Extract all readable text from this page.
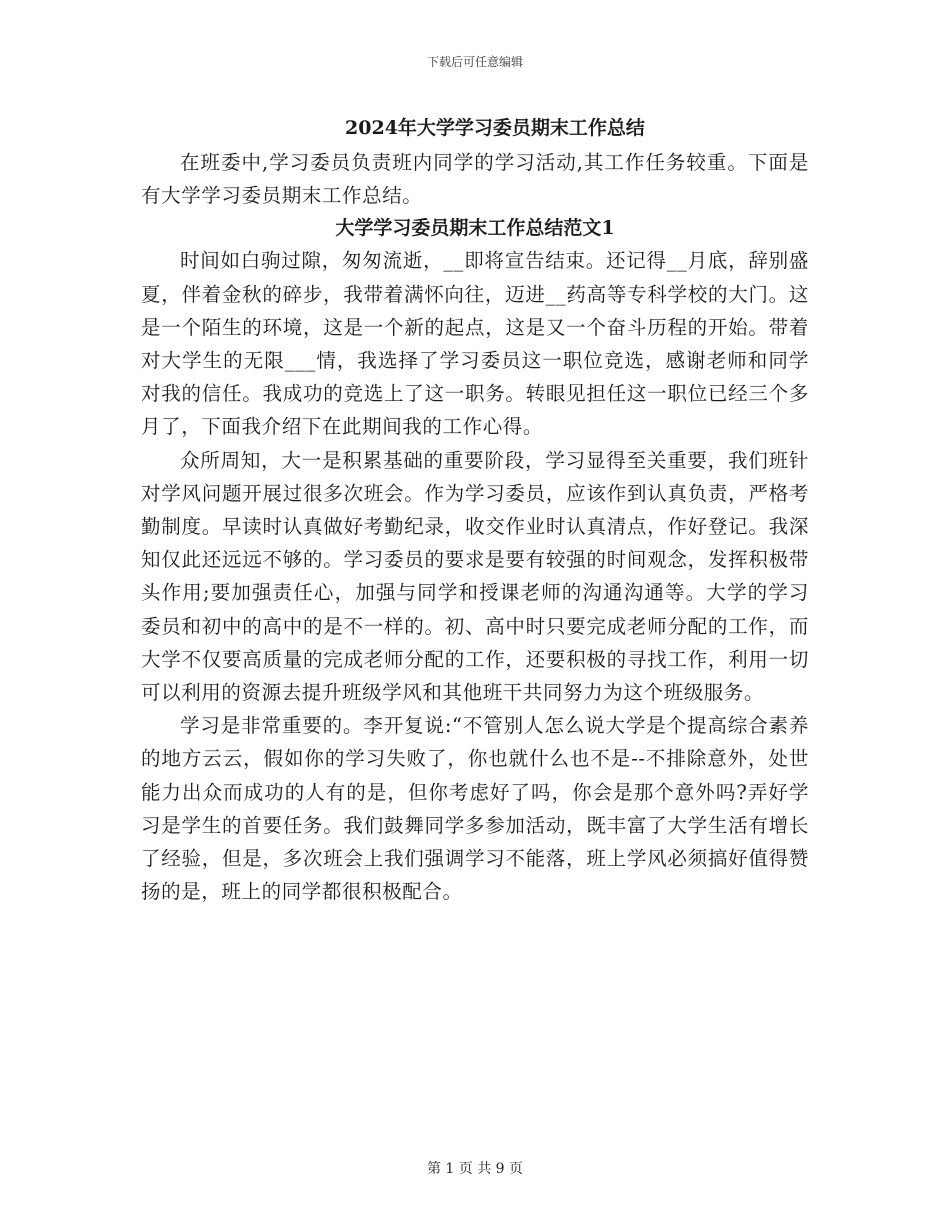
下载后可任意编辑
2024年大学学习委员期末工作总结

在班委中,学习委员负责班内同学的学习活动,其工作任务较重。下面是有大学学习委员期末工作总结。

大学学习委员期末工作总结范文1

时间如白驹过隙，匆匆流逝，__即将宣告结束。还记得__月底，辞别盛夏，伴着金秋的碎步，我带着满怀向往，迈进__药高等专科学校的大门。这是一个陌生的环境，这是一个新的起点，这是又一个奋斗历程的开始。带着对大学生的无限___情，我选择了学习委员这一职位竞选，感谢老师和同学对我的信任。我成功的竞选上了这一职务。转眼见担任这一职位已经三个多月了，下面我介绍下在此期间我的工作心得。

众所周知，大一是积累基础的重要阶段，学习显得至关重要，我们班针对学风问题开展过很多次班会。作为学习委员，应该作到认真负责，严格考勤制度。早读时认真做好考勤纪录，收交作业时认真清点，作好登记。我深知仅此还远远不够的。学习委员的要求是要有较强的时间观念，发挥积极带头作用;要加强责任心，加强与同学和授课老师的沟通沟通等。大学的学习委员和初中的高中的是不一样的。初、高中时只要完成老师分配的工作，而大学不仅要高质量的完成老师分配的工作，还要积极的寻找工作，利用一切可以利用的资源去提升班级学风和其他班干共同努力为这个班级服务。

学习是非常重要的。李开复说:“不管别人怎么说大学是个提高综合素养的地方云云，假如你的学习失败了，你也就什么也不是--不排除意外，处世能力出众而成功的人有的是，但你考虑好了吗，你会是那个意外吗?弄好学习是学生的首要任务。我们鼓舞同学多参加活动，既丰富了大学生活有增长了经验，但是，多次班会上我们强调学习不能落，班上学风必须搞好值得赞扬的是，班上的同学都很积极配合。

第 1 页 共 9 页
